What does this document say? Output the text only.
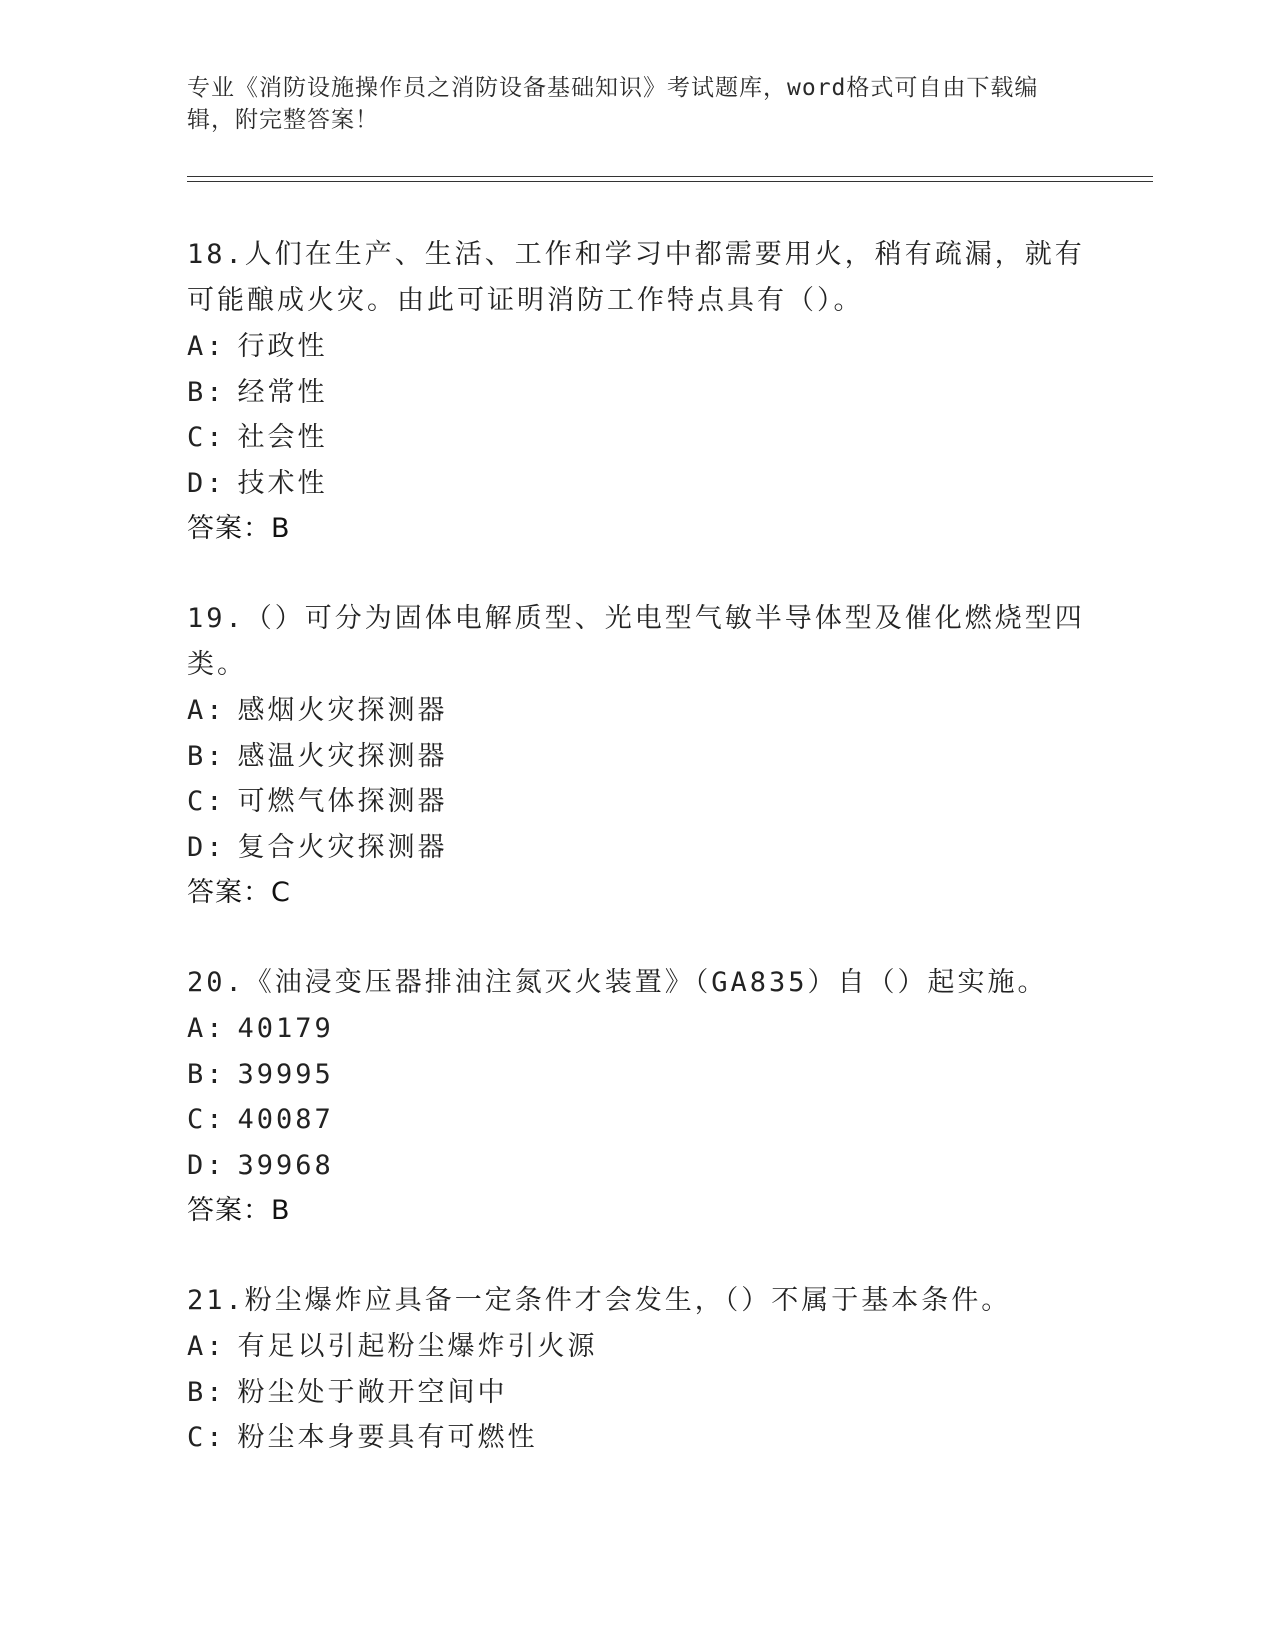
专业《消防设施操作员之消防设备基础知识》考试题库，word格式可自由下载编辑，附完整答案！
18.人们在生产、生活、工作和学习中都需要用火，稍有疏漏，就有可能酿成火灾。由此可证明消防工作特点具有（）。
A: 行政性
B: 经常性
C: 社会性
D: 技术性
答案：B
19.（）可分为固体电解质型、光电型气敏半导体型及催化燃烧型四类。
A: 感烟火灾探测器
B: 感温火灾探测器
C: 可燃气体探测器
D: 复合火灾探测器
答案：C
20.《油浸变压器排油注氮灭火装置》（GA835）自（）起实施。
A: 40179
B: 39995
C: 40087
D: 39968
答案：B
21.粉尘爆炸应具备一定条件才会发生，（）不属于基本条件。
A: 有足以引起粉尘爆炸引火源
B: 粉尘处于敞开空间中
C: 粉尘本身要具有可燃性
